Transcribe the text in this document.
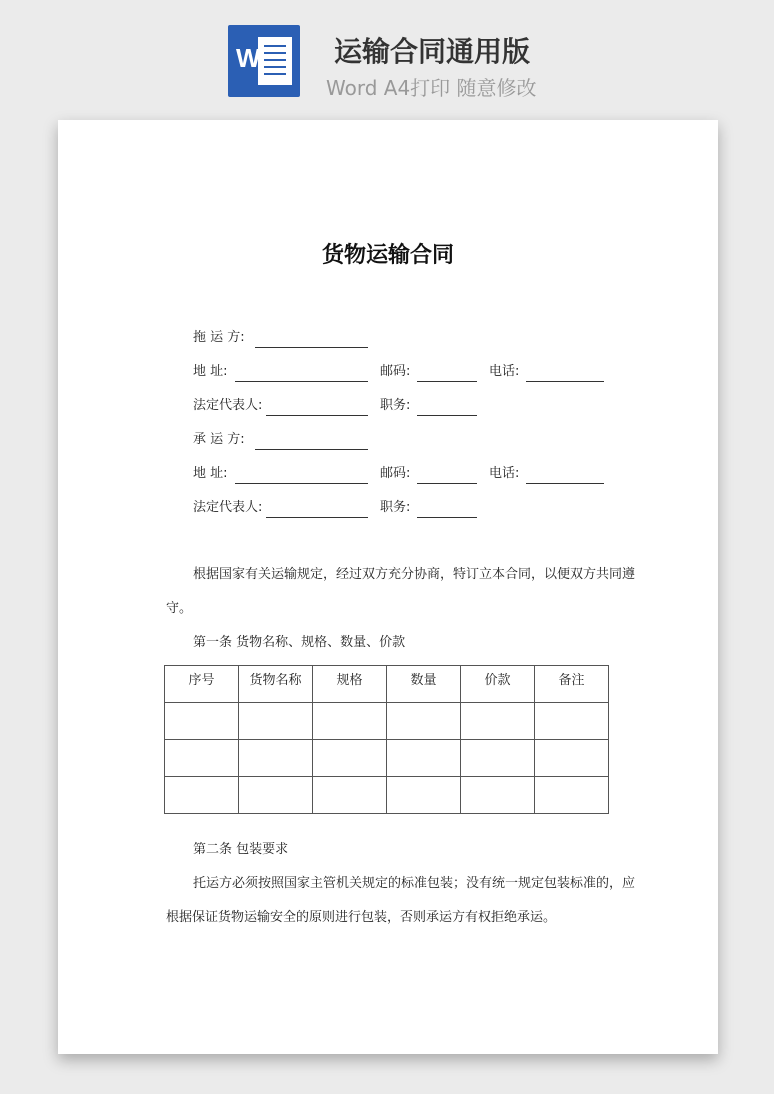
W	运输合同通用版
Word A4打印 随意修改
货物运输合同
拖 运 方:
地 址:	邮码:	电话:
法定代表人:	职务:
承 运 方:
地 址:	邮码:	电话:
法定代表人:	职务:
根据国家有关运输规定，经过双方充分协商，特订立本合同，以便双方共同遵
守。
第一条 货物名称、规格、数量、价款
序号	货物名称	规格	数量	价款	备注

第二条 包装要求
托运方必须按照国家主管机关规定的标准包装；没有统一规定包装标准的，应
根据保证货物运输安全的原则进行包装，否则承运方有权拒绝承运。
